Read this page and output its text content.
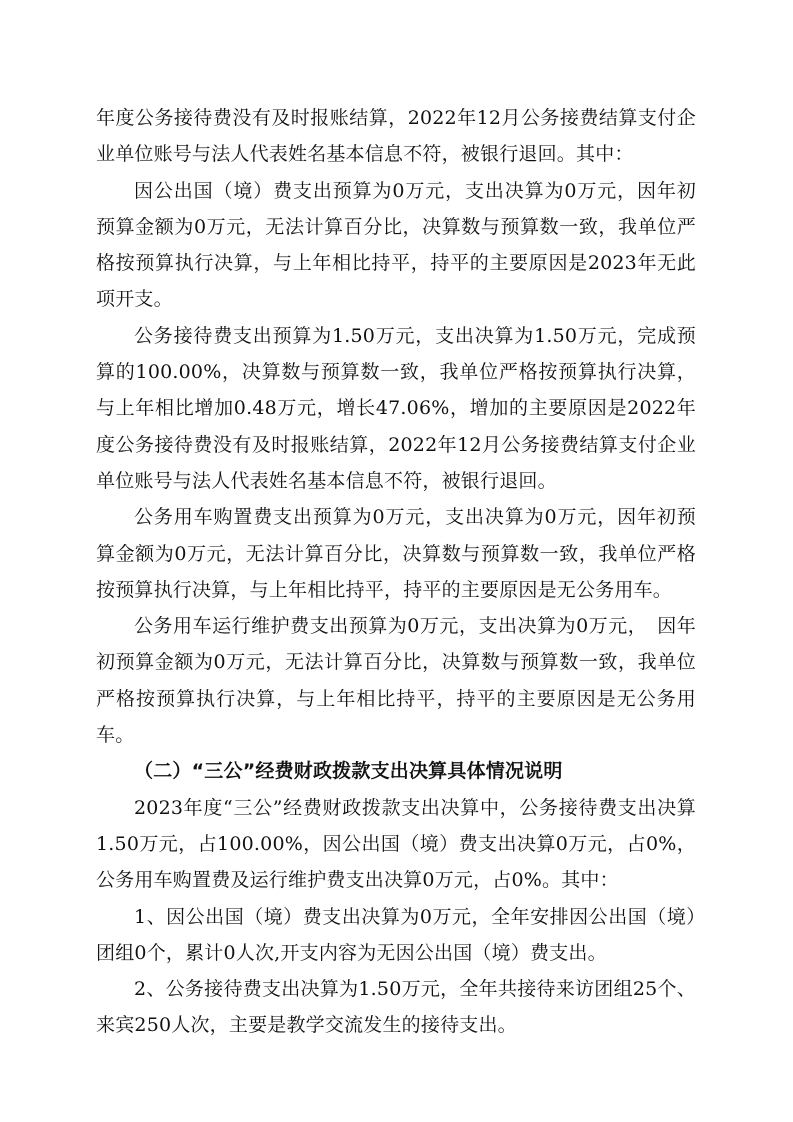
年度公务接待费没有及时报账结算，2022年12月公务接费结算支付企业单位账号与法人代表姓名基本信息不符，被银行退回。其中：

因公出国（境）费支出预算为0万元，支出决算为0万元，因年初预算金额为0万元，无法计算百分比，决算数与预算数一致，我单位严格按预算执行决算，与上年相比持平，持平的主要原因是2023年无此项开支。

公务接待费支出预算为1.50万元，支出决算为1.50万元，完成预算的100.00%，决算数与预算数一致，我单位严格按预算执行决算，与上年相比增加0.48万元，增长47.06%，增加的主要原因是2022年度公务接待费没有及时报账结算，2022年12月公务接费结算支付企业单位账号与法人代表姓名基本信息不符，被银行退回。

公务用车购置费支出预算为0万元，支出决算为0万元，因年初预算金额为0万元，无法计算百分比，决算数与预算数一致，我单位严格按预算执行决算，与上年相比持平，持平的主要原因是无公务用车。

公务用车运行维护费支出预算为0万元，支出决算为0万元，　因年初预算金额为0万元，无法计算百分比，决算数与预算数一致，我单位严格按预算执行决算，与上年相比持平，持平的主要原因是无公务用车。

（二）“三公”经费财政拨款支出决算具体情况说明

2023年度“三公”经费财政拨款支出决算中，公务接待费支出决算1.50万元，占100.00%，因公出国（境）费支出决算0万元，占0%，公务用车购置费及运行维护费支出决算0万元，占0%。其中：

1、因公出国（境）费支出决算为0万元，全年安排因公出国（境）团组0个，累计0人次,开支内容为无因公出国（境）费支出。

2、公务接待费支出决算为1.50万元，全年共接待来访团组25个、来宾250人次，主要是教学交流发生的接待支出。
